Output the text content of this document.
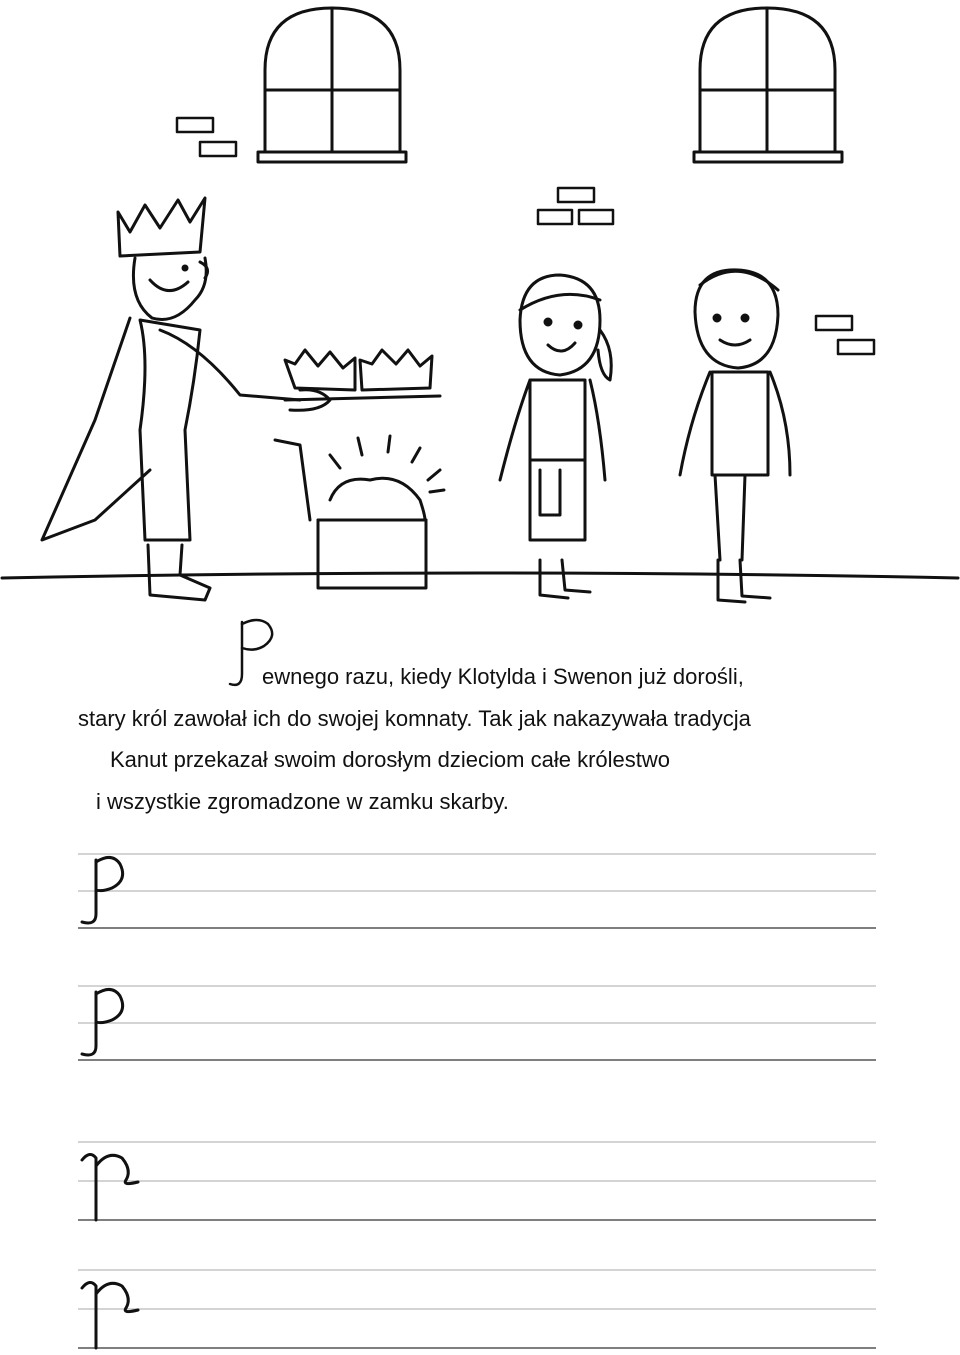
ewnego razu, kiedy Klotylda i Swenon już dorośli,
stary król zawołał ich do swojej komnaty. Tak jak nakazywała tradycja
Kanut przekazał swoim dorosłym dzieciom całe królestwo
i wszystkie zgromadzone w zamku skarby.
